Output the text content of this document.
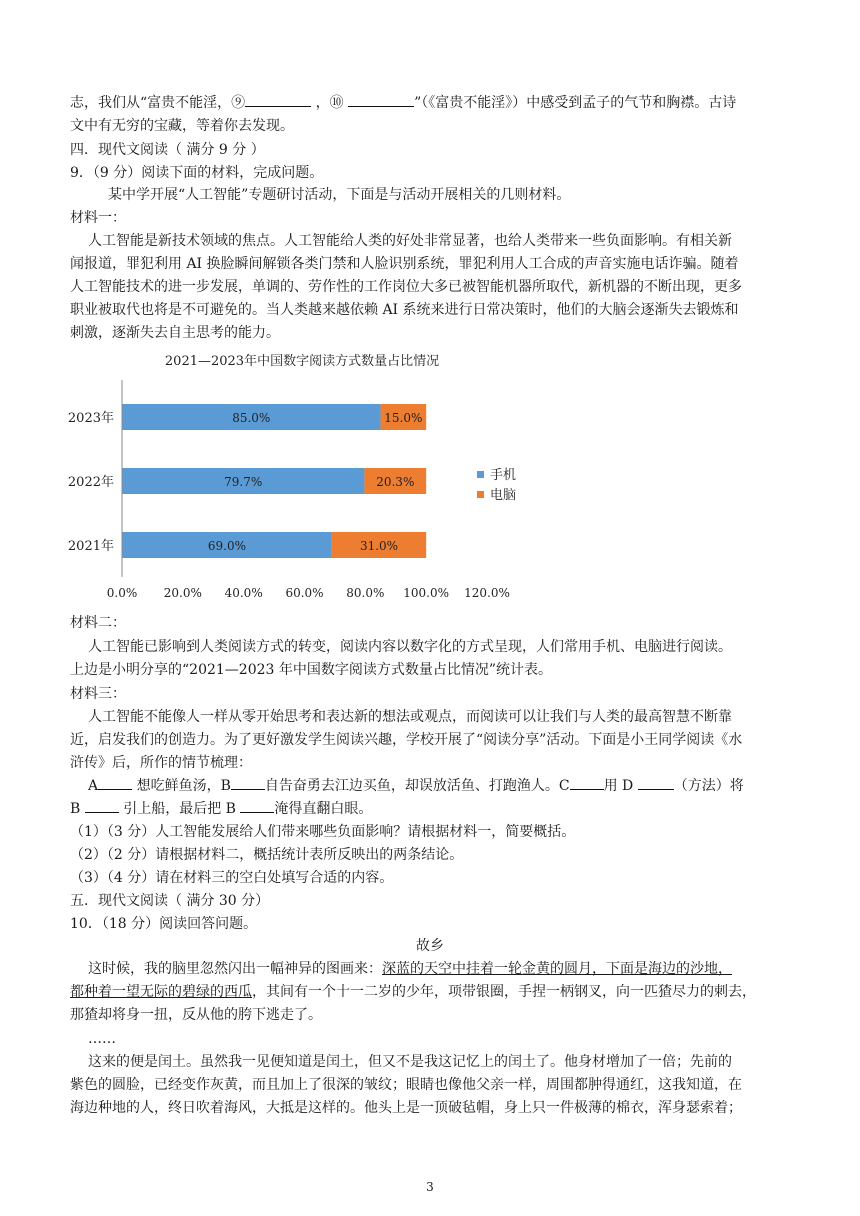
志，我们从“富贵不能淫，⑨	，⑩	”（《富贵不能淫》）中感受到孟子的气节和胸襟。古诗
文中有无穷的宝藏，等着你去发现。
四．现代文阅读（ 满分 9 分 ）
9．（9 分）阅读下面的材料，完成问题。
某中学开展“人工智能”专题研讨活动，下面是与活动开展相关的几则材料。
材料一：
人工智能是新技术领域的焦点。人工智能给人类的好处非常显著，也给人类带来一些负面影响。有相关新
闻报道，罪犯利用 AI 换脸瞬间解锁各类门禁和人脸识别系统，罪犯利用人工合成的声音实施电话诈骗。随着
人工智能技术的进一步发展，单调的、劳作性的工作岗位大多已被智能机器所取代，新机器的不断出现，更多
职业被取代也将是不可避免的。当人类越来越依赖 AI 系统来进行日常决策时，他们的大脑会逐渐失去锻炼和
刺激，逐渐失去自主思考的能力。
2021—2023年中国数字阅读方式数量占比情况
85.0%	15.0%
79.7%	20.3%
69.0%	31.0%
2023年
2022年
2021年
0.0% 20.0% 40.0% 60.0% 80.0% 100.0% 120.0%
手机
电脑
材料二：
人工智能已影响到人类阅读方式的转变，阅读内容以数字化的方式呈现，人们常用手机、电脑进行阅读。
上边是小明分享的“2021—2023 年中国数字阅读方式数量占比情况”统计表。
材料三：
人工智能不能像人一样从零开始思考和表达新的想法或观点，而阅读可以让我们与人类的最高智慧不断靠
近，启发我们的创造力。为了更好激发学生阅读兴趣，学校开展了“阅读分享”活动。下面是小王同学阅读《水
浒传》后，所作的情节梳理：
A	想吃鲜鱼汤，B 自告奋勇去江边买鱼，却误放活鱼、打跑渔人。C 用 D	（方法）将
B	引上船，最后把 B	淹得直翻白眼。
（1）（3 分）人工智能发展给人们带来哪些负面影响？请根据材料一，简要概括。
（2）（2 分）请根据材料二，概括统计表所反映出的两条结论。
（3）（4 分）请在材料三的空白处填写合适的内容。
五．现代文阅读（ 满分 30 分）
10．（18 分）阅读回答问题。
故乡
这时候，我的脑里忽然闪出一幅神异的图画来：深蓝的天空中挂着一轮金黄的圆月，下面是海边的沙地，
都种着一望无际的碧绿的西瓜，其间有一个十一二岁的少年，项带银圈，手捏一柄钢叉，向一匹猹尽力的刺去，
那猹却将身一扭，反从他的胯下逃走了。
……
这来的便是闰土。虽然我一见便知道是闰土，但又不是我这记忆上的闰土了。他身材增加了一倍；先前的
紫色的圆脸，已经变作灰黄，而且加上了很深的皱纹；眼睛也像他父亲一样，周围都肿得通红，这我知道，在
海边种地的人，终日吹着海风，大抵是这样的。他头上是一顶破毡帽，身上只一件极薄的棉衣，浑身瑟索着；
3
